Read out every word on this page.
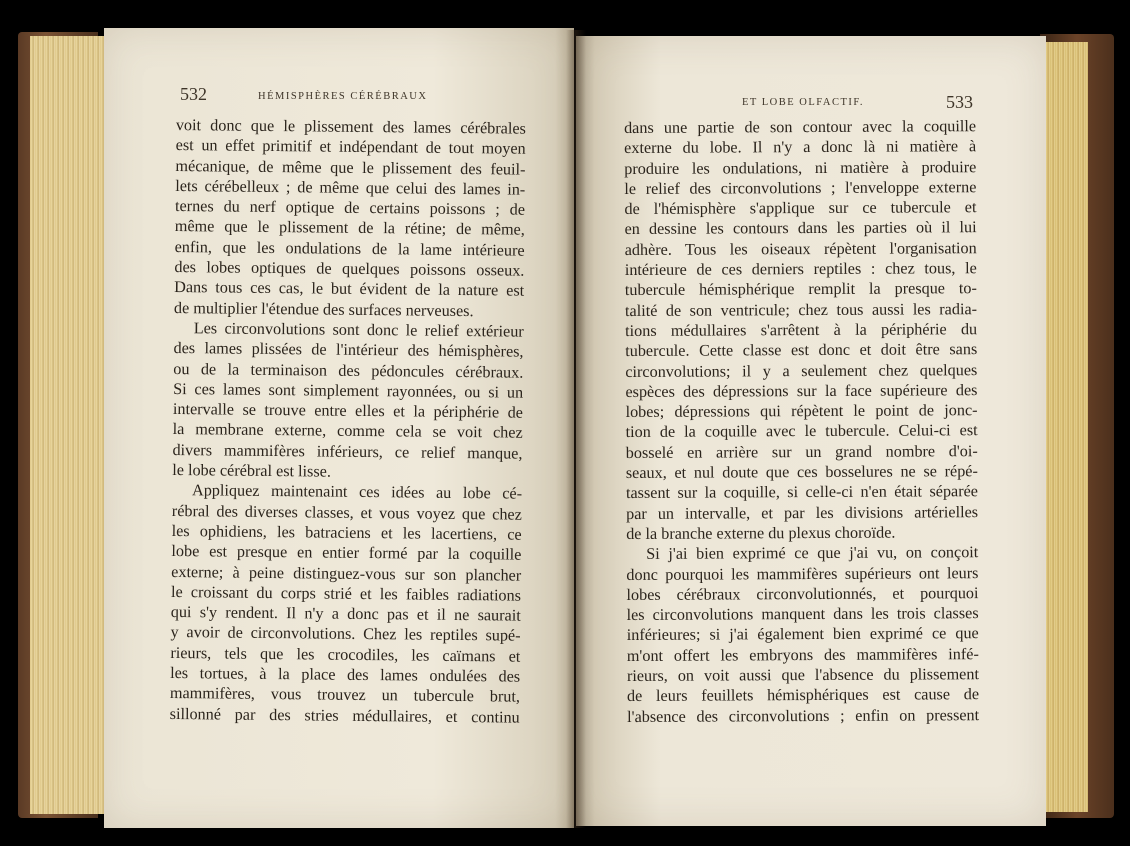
532	HÉMISPHÈRES CÉRÉBRAUX
ET LOBE OLFACTIF.	533
voit donc que le plissement des lames cérébrales
est un effet primitif et indépendant de tout moyen
mécanique, de même que le plissement des feuil-
lets cérébelleux ; de même que celui des lames in-
ternes du nerf optique de certains poissons ; de
même que le plissement de la rétine; de même,
enfin, que les ondulations de la lame intérieure
des lobes optiques de quelques poissons osseux.
Dans tous ces cas, le but évident de la nature est
de multiplier l'étendue des surfaces nerveuses.
Les circonvolutions sont donc le relief extérieur
des lames plissées de l'intérieur des hémisphères,
ou de la terminaison des pédoncules cérébraux.
Si ces lames sont simplement rayonnées, ou si un
intervalle se trouve entre elles et la périphérie de
la membrane externe, comme cela se voit chez
divers mammifères inférieurs, ce relief manque,
le lobe cérébral est lisse.
Appliquez maintenaint ces idées au lobe cé-
rébral des diverses classes, et vous voyez que chez
les ophidiens, les batraciens et les lacertiens, ce
lobe est presque en entier formé par la coquille
externe; à peine distinguez-vous sur son plancher
le croissant du corps strié et les faibles radiations
qui s'y rendent. Il n'y a donc pas et il ne saurait
y avoir de circonvolutions. Chez les reptiles supé-
rieurs, tels que les crocodiles, les caïmans et
les tortues, à la place des lames ondulées des
mammifères, vous trouvez un tubercule brut,
sillonné par des stries médullaires, et continu
dans une partie de son contour avec la coquille
externe du lobe. Il n'y a donc là ni matière à
produire les ondulations, ni matière à produire
le relief des circonvolutions ; l'enveloppe externe
de l'hémisphère s'applique sur ce tubercule et
en dessine les contours dans les parties où il lui
adhère. Tous les oiseaux répètent l'organisation
intérieure de ces derniers reptiles : chez tous, le
tubercule hémisphérique remplit la presque to-
talité de son ventricule; chez tous aussi les radia-
tions médullaires s'arrêtent à la périphérie du
tubercule. Cette classe est donc et doit être sans
circonvolutions; il y a seulement chez quelques
espèces des dépressions sur la face supérieure des
lobes; dépressions qui répètent le point de jonc-
tion de la coquille avec le tubercule. Celui-ci est
bosselé en arrière sur un grand nombre d'oi-
seaux, et nul doute que ces bosselures ne se répé-
tassent sur la coquille, si celle-ci n'en était séparée
par un intervalle, et par les divisions artérielles
de la branche externe du plexus choroïde.
Si j'ai bien exprimé ce que j'ai vu, on conçoit
donc pourquoi les mammifères supérieurs ont leurs
lobes cérébraux circonvolutionnés, et pourquoi
les circonvolutions manquent dans les trois classes
inférieures; si j'ai également bien exprimé ce que
m'ont offert les embryons des mammifères infé-
rieurs, on voit aussi que l'absence du plissement
de leurs feuillets hémisphériques est cause de
l'absence des circonvolutions ; enfin on pressent
